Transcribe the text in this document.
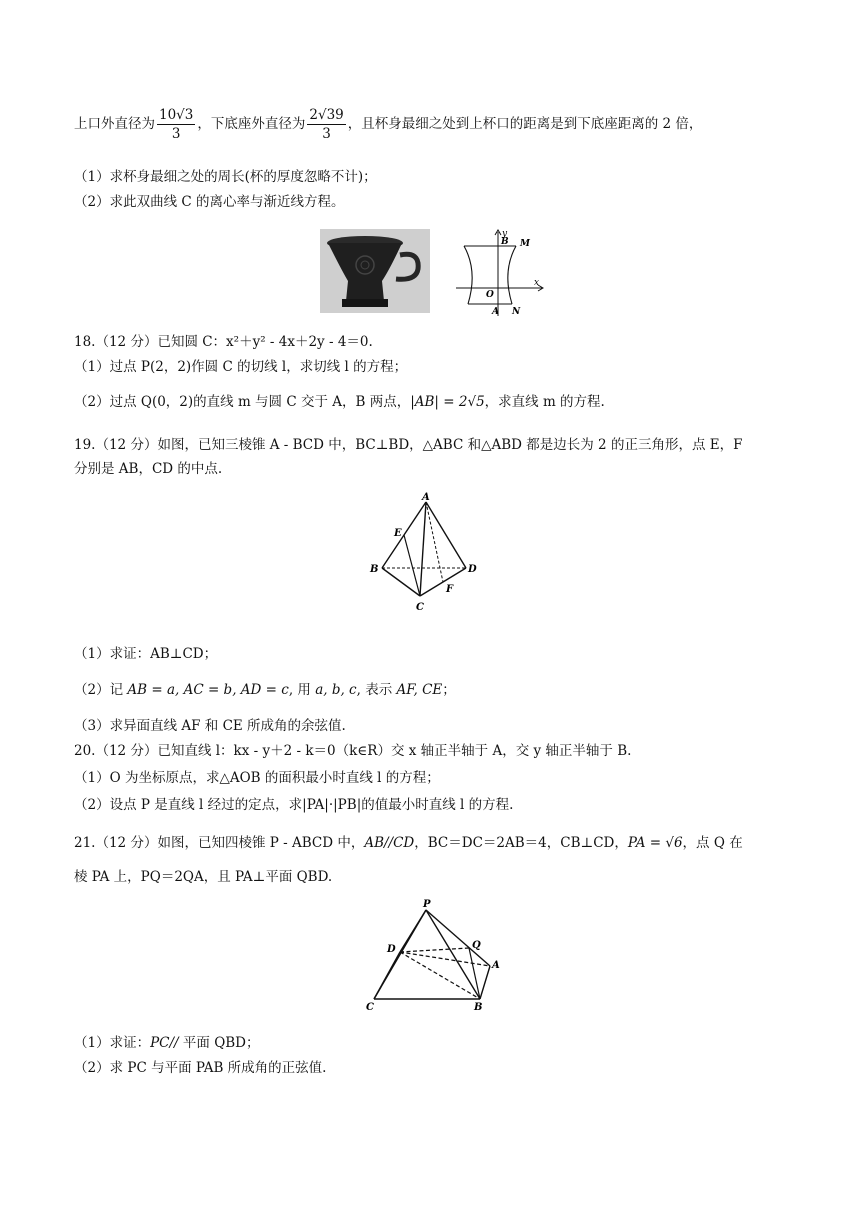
上口外直径为 $\frac{10√3}{3}$ ，下底座外直径为 $\frac{2√39}{3}$ ，且杯身最细之处到上杯口的距离是到下底座距离的 2 倍，
（1）求杯身最细之处的周长(杯的厚度忽略不计)；
（2）求此双曲线 C 的离心率与渐近线方程。
y
B M
O
x
A N
18.（12 分）已知圆 C：x²＋y² - 4x＋2y - 4＝0.
（1）过点 P(2，2)作圆 C 的切线 l，求切线 l 的方程；
（2）过点 Q(0，2)的直线 m 与圆 C 交于 A，B 两点，|AB| = 2√5，求直线 m 的方程.
19.（12 分）如图，已知三棱锥 A - BCD 中，BC⊥BD，△ABC 和△ABD 都是边长为 2 的正三角形，点 E，F
分别是 AB，CD 的中点.
A
E
B	D
F
C
（1）求证：AB⊥CD；
（2）记 AB = a, AC = b, AD = c, 用 a, b, c, 表示 AF, CE；
（3）求异面直线 AF 和 CE 所成角的余弦值.
20.（12 分）已知直线 l：kx - y＋2 - k＝0（k∈R）交 x 轴正半轴于 A，交 y 轴正半轴于 B.
（1）O 为坐标原点，求△AOB 的面积最小时直线 l 的方程；
（2）设点 P 是直线 l 经过的定点，求|PA|·|PB|的值最小时直线 l 的方程.
21.（12 分）如图，已知四棱锥 P - ABCD 中，AB//CD，BC＝DC＝2AB＝4，CB⊥CD，PA = √6，点 Q 在
棱 PA 上，PQ＝2QA，且 PA⊥平面 QBD.
P
D	Q
A
C	B
（1）求证：PC// 平面 QBD；
（2）求 PC 与平面 PAB 所成角的正弦值.
